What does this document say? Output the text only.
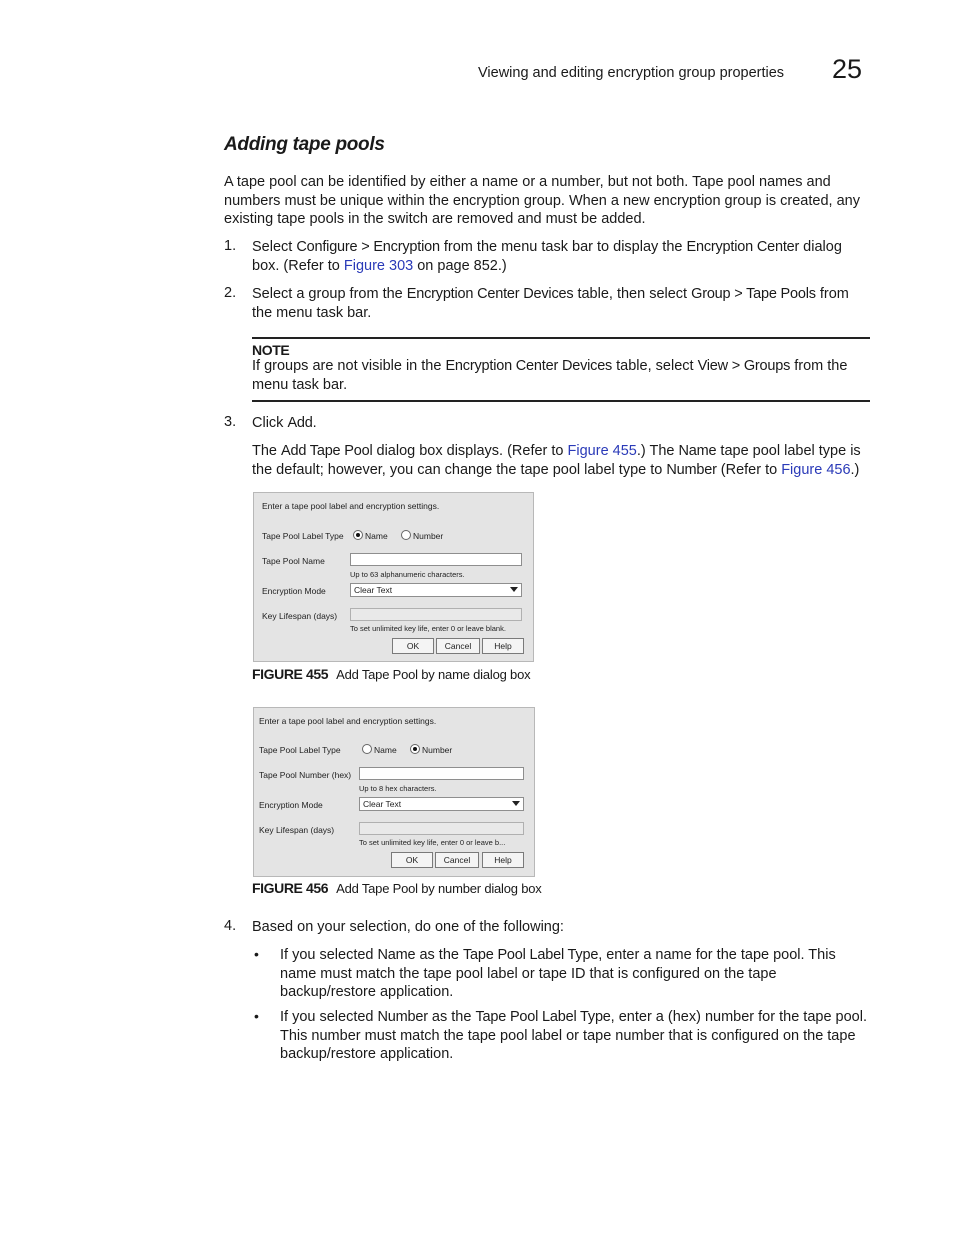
Viewing and editing encryption group properties 25
Adding tape pools
A tape pool can be identified by either a name or a number, but not both. Tape pool names and numbers must be unique within the encryption group. When a new encryption group is created, any existing tape pools in the switch are removed and must be added.
1. Select Configure > Encryption from the menu task bar to display the Encryption Center dialog box. (Refer to Figure 303 on page 852.)
2. Select a group from the Encryption Center Devices table, then select Group > Tape Pools from the menu task bar.
NOTE
If groups are not visible in the Encryption Center Devices table, select View > Groups from the menu task bar.
3. Click Add.
The Add Tape Pool dialog box displays. (Refer to Figure 455.) The Name tape pool label type is the default; however, you can change the tape pool label type to Number (Refer to Figure 456.)
Enter a tape pool label and encryption settings.
Tape Pool Label Type	Name	Number
Tape Pool Name
Up to 63 alphanumeric characters.
Encryption Mode	Clear Text
Key Lifespan (days)
To set unlimited key life, enter 0 or leave blank.
OK	Cancel	Help
FIGURE 455 Add Tape Pool by name dialog box
Enter a tape pool label and encryption settings.
Tape Pool Label Type	Name	Number
Tape Pool Number (hex)
Up to 8 hex characters.
Encryption Mode	Clear Text
Key Lifespan (days)
To set unlimited key life, enter 0 or leave b...
OK	Cancel	Help
FIGURE 456 Add Tape Pool by number dialog box
4. Based on your selection, do one of the following:
• If you selected Name as the Tape Pool Label Type, enter a name for the tape pool. This name must match the tape pool label or tape ID that is configured on the tape backup/restore application.
• If you selected Number as the Tape Pool Label Type, enter a (hex) number for the tape pool. This number must match the tape pool label or tape number that is configured on the tape backup/restore application.
